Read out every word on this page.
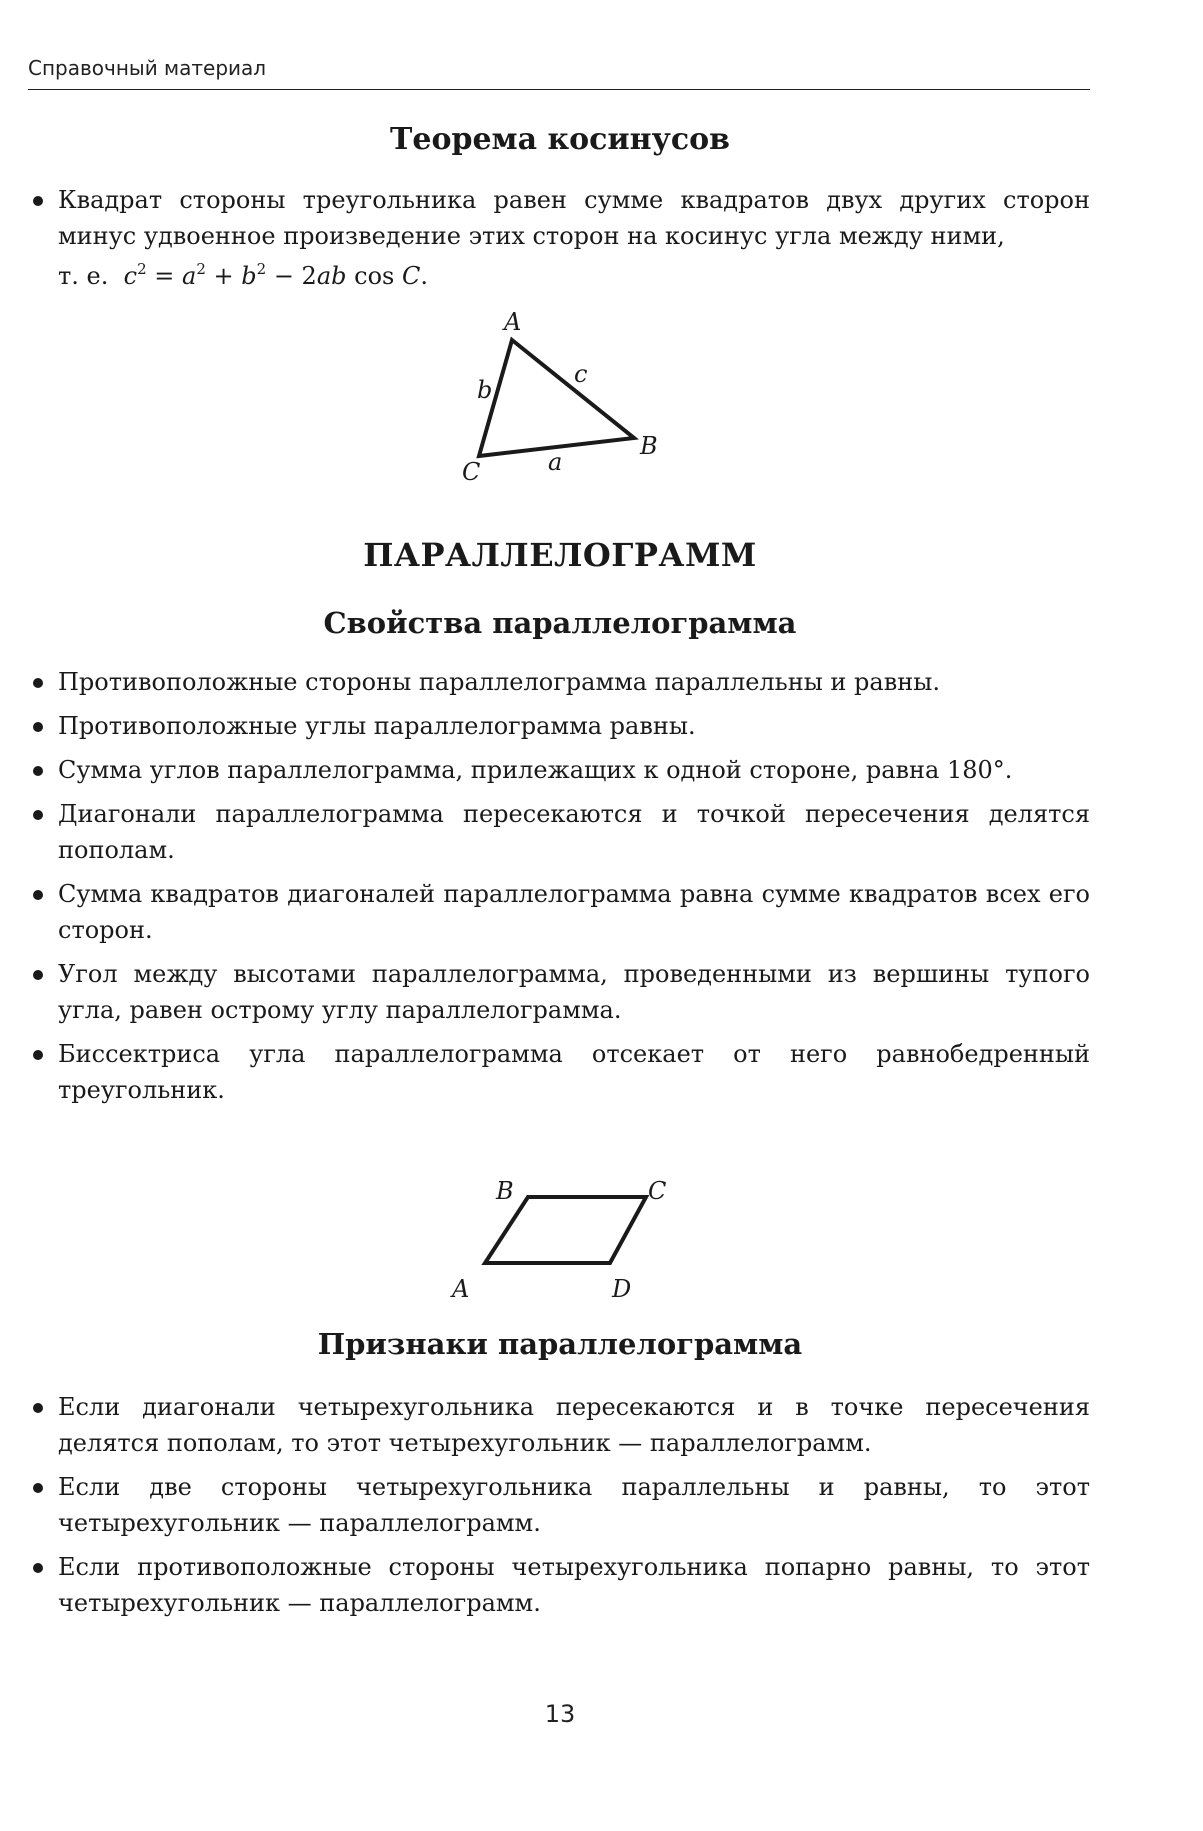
Справочный материал
Теорема косинусов
Квадрат стороны треугольника равен сумме квадратов двух других сторон минус удвоенное произведение этих сторон на косинус угла между ними,
т. е. $c^2 = a^2 + b^2 - 2ab$ cos C.
A
B
C	a
b
c
ПАРАЛЛЕЛОГРАММ
Свойства параллелограмма
Противоположные стороны параллелограмма параллельны и равны.
Противоположные углы параллелограмма равны.
Сумма углов параллелограмма, прилежащих к одной стороне, равна 180°.
Диагонали параллелограмма пересекаются и точкой пересечения делятся пополам.
Сумма квадратов диагоналей параллелограмма равна сумме квадратов всех его сторон.
Угол между высотами параллелограмма, проведенными из вершины тупого угла, равен острому углу параллелограмма.
Биссектриса угла параллелограмма отсекает от него равнобедренный треугольник.
A
B	C
D
Признаки параллелограмма
Если диагонали четырехугольника пересекаются и в точке пересечения делятся пополам, то этот четырехугольник — параллелограмм.
Если две стороны четырехугольника параллельны и равны, то этот четырехугольник — параллелограмм.
Если противоположные стороны четырехугольника попарно равны, то этот четырехугольник — параллелограмм.
13
